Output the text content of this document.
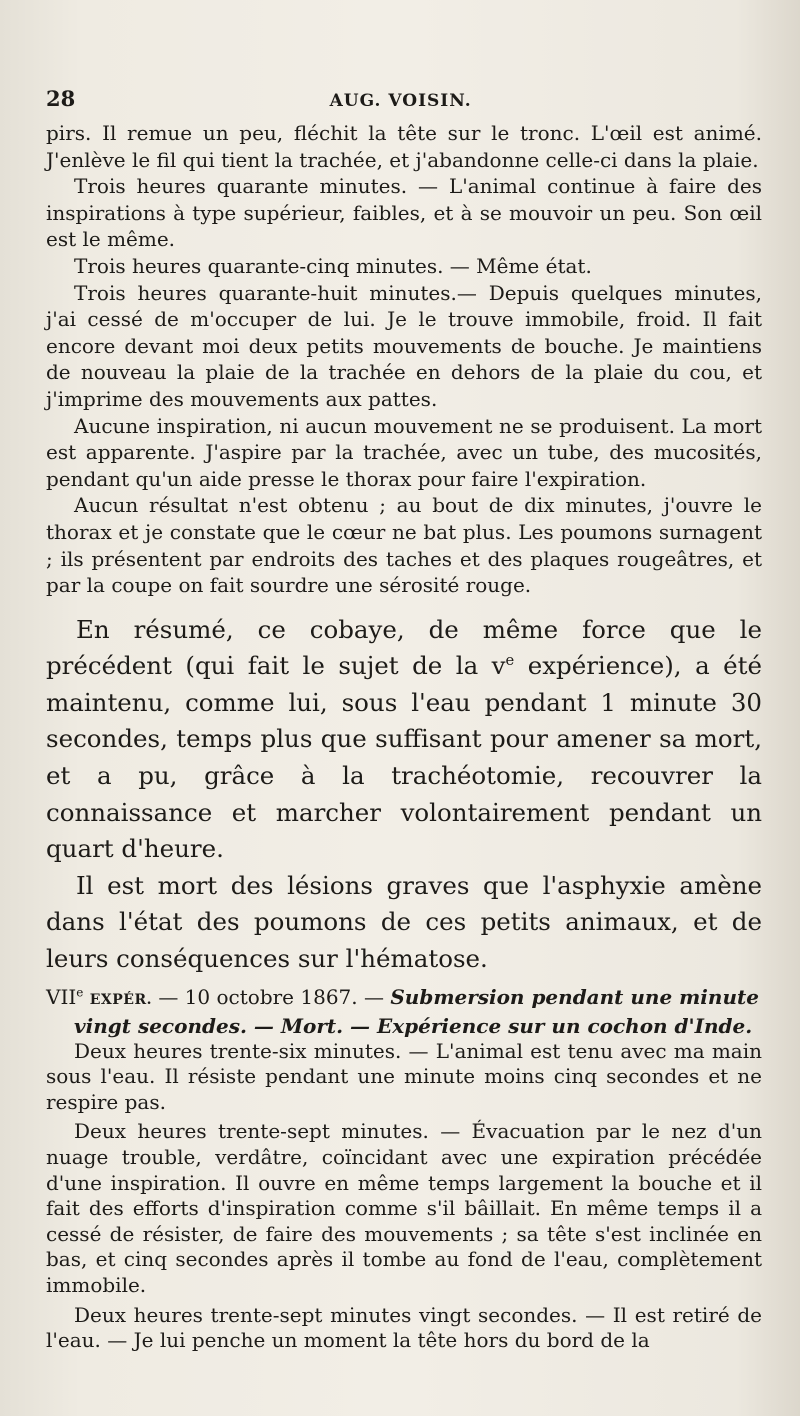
28	AUG. VOISIN.

pirs. Il remue un peu, fléchit la tête sur le tronc. L'œil est animé. J'enlève le fil qui tient la trachée, et j'abandonne celle-ci dans la plaie.

Trois heures quarante minutes. — L'animal continue à faire des inspirations à type supérieur, faibles, et à se mouvoir un peu. Son œil est le même.

Trois heures quarante-cinq minutes. — Même état.

Trois heures quarante-huit minutes.— Depuis quelques minutes, j'ai cessé de m'occuper de lui. Je le trouve immobile, froid. Il fait encore devant moi deux petits mouvements de bouche. Je maintiens de nouveau la plaie de la trachée en dehors de la plaie du cou, et j'imprime des mouvements aux pattes.

Aucune inspiration, ni aucun mouvement ne se produisent. La mort est apparente. J'aspire par la trachée, avec un tube, des mucosités, pendant qu'un aide presse le thorax pour faire l'expiration.

Aucun résultat n'est obtenu ; au bout de dix minutes, j'ouvre le thorax et je constate que le cœur ne bat plus. Les poumons surnagent ; ils présentent par endroits des taches et des plaques rougeâtres, et par la coupe on fait sourdre une sérosité rouge.

En résumé, ce cobaye, de même force que le précédent (qui fait le sujet de la $v^e$ expérience), a été maintenu, comme lui, sous l'eau pendant 1 minute 30 secondes, temps plus que suffisant pour amener sa mort, et a pu, grâce à la trachéotomie, recouvrer la connaissance et marcher volontairement pendant un quart d'heure.

Il est mort des lésions graves que l'asphyxie amène dans l'état des poumons de ces petits animaux, et de leurs conséquences sur l'hématose.

VIIe EXPÉR. — 10 octobre 1867. — Submersion pendant une minute

vingt secondes. — Mort. — Expérience sur un cochon d'Inde.

Deux heures trente-six minutes. — L'animal est tenu avec ma main sous l'eau. Il résiste pendant une minute moins cinq secondes et ne respire pas.

Deux heures trente-sept minutes. — Évacuation par le nez d'un nuage trouble, verdâtre, coïncidant avec une expiration précédée d'une inspiration. Il ouvre en même temps largement la bouche et il fait des efforts d'inspiration comme s'il bâillait. En même temps il a cessé de résister, de faire des mouvements ; sa tête s'est inclinée en bas, et cinq secondes après il tombe au fond de l'eau, complètement immobile.

Deux heures trente-sept minutes vingt secondes. — Il est retiré de l'eau. — Je lui penche un moment la tête hors du bord de la
